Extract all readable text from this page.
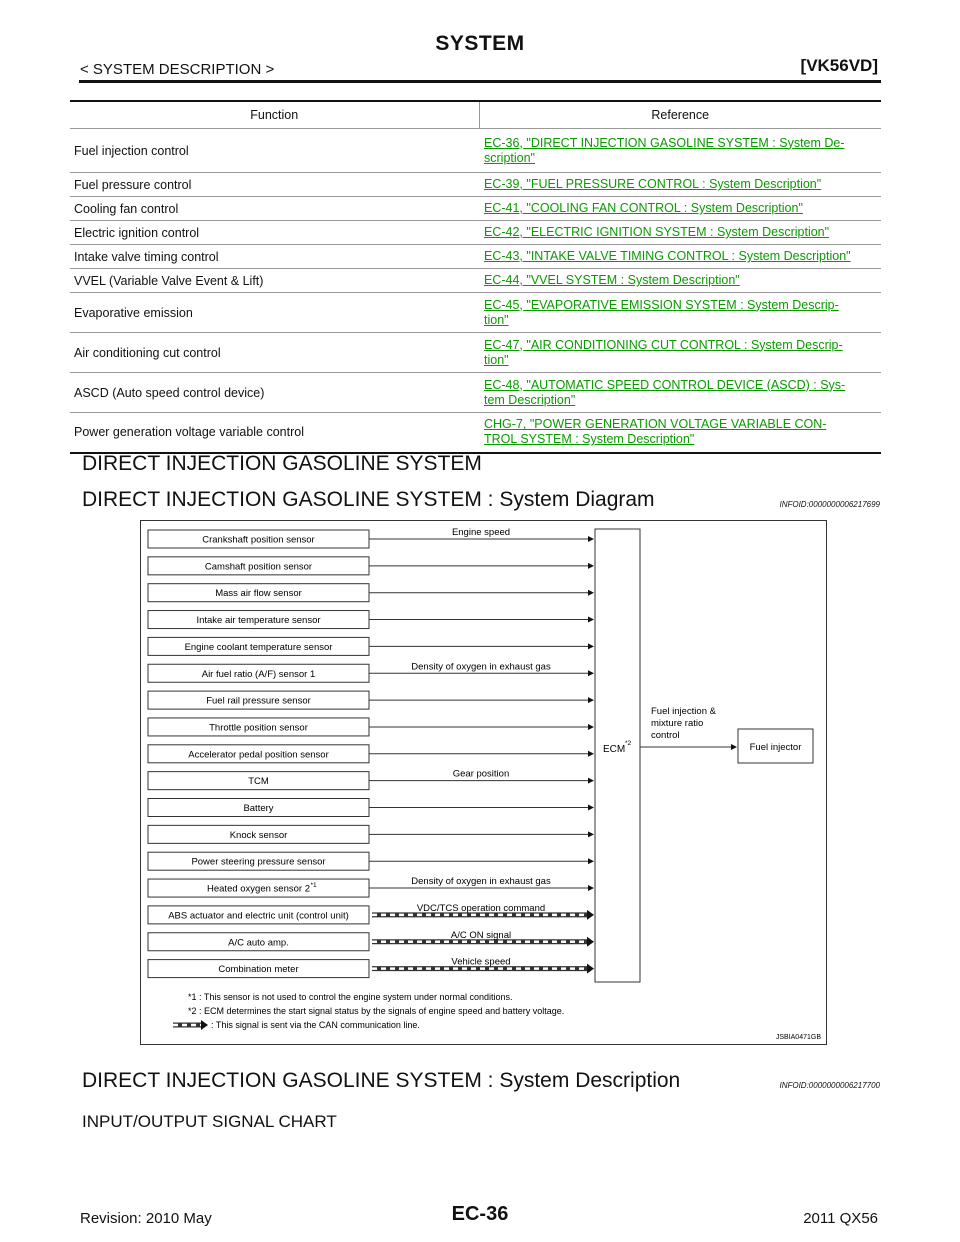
SYSTEM
< SYSTEM DESCRIPTION >	[VK56VD]
Function	Reference
Fuel injection control	EC-36, "DIRECT INJECTION GASOLINE SYSTEM : System De-
scription"
Fuel pressure control	EC-39, "FUEL PRESSURE CONTROL : System Description"
Cooling fan control	EC-41, "COOLING FAN CONTROL : System Description"
Electric ignition control	EC-42, "ELECTRIC IGNITION SYSTEM : System Description"
Intake valve timing control	EC-43, "INTAKE VALVE TIMING CONTROL : System Description"
VVEL (Variable Valve Event & Lift)	EC-44, "VVEL SYSTEM : System Description"
Evaporative emission	EC-45, "EVAPORATIVE EMISSION SYSTEM : System Descrip-
tion"
Air conditioning cut control	EC-47, "AIR CONDITIONING CUT CONTROL : System Descrip-
tion"
ASCD (Auto speed control device)	EC-48, "AUTOMATIC SPEED CONTROL DEVICE (ASCD) : Sys-
tem Description"
Power generation voltage variable control	CHG-7, "POWER GENERATION VOLTAGE VARIABLE CON-
TROL SYSTEM : System Description"
DIRECT INJECTION GASOLINE SYSTEM
DIRECT INJECTION GASOLINE SYSTEM : System Diagram	INFOID:0000000006217699
Crankshaft position sensor
Engine speed
Camshaft position sensor
Mass air flow sensor
Intake air temperature sensor
Engine coolant temperature sensor
Air fuel ratio (A/F) sensor 1
Density of oxygen in exhaust gas
Fuel rail pressure sensor
Throttle position sensor
Accelerator pedal position sensor
TCM
Gear position
Battery
Knock sensor
Power steering pressure sensor
Heated oxygen sensor 2 *1	Density of oxygen in exhaust gas
ABS actuator and electric unit (control unit)
VDC/TCS operation command
A/C auto amp.
A/C ON signal
Combination meter
Vehicle speed
ECM
*2
Fuel injection &
mixture ratio
control
Fuel injector
*1 : This sensor is not used to control the engine system under normal conditions.
*2 : ECM determines the start signal status by the signals of engine speed and battery voltage.
: This signal is sent via the CAN communication line.
JSBIA0471GB
DIRECT INJECTION GASOLINE SYSTEM : System Description	INFOID:0000000006217700
INPUT/OUTPUT SIGNAL CHART
Revision: 2010 May	EC-36	2011 QX56
